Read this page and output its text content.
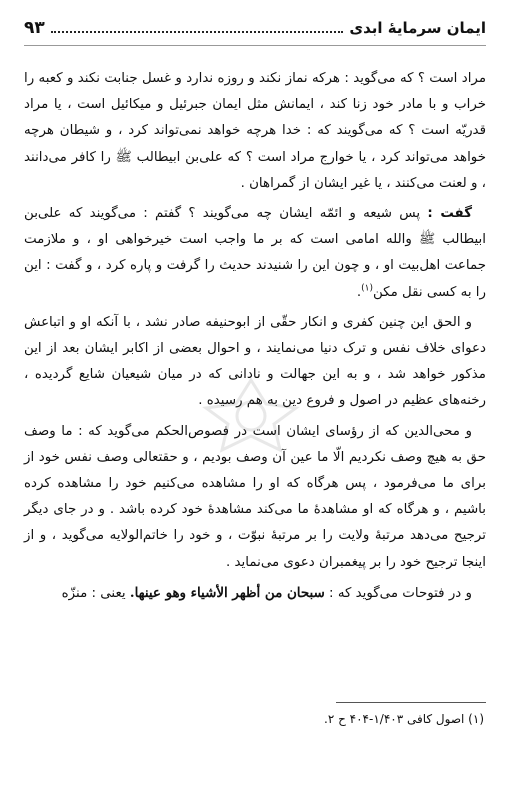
ایمان سرمایهٔ ابدی
۹۳

مراد است ؟ که می‌گوید : هرکه نماز نکند و روزه ندارد و غسل جنابت نکند و کعبه را خراب و با مادر خود زنا کند ، ایمانش مثل ایمان جبرئیل و میکائیل است ، یا مراد قدریّه است ؟ که می‌گویند که : خدا هرچه خواهد نمی‌تواند کرد ، و شیطان هرچه خواهد می‌تواند کرد ، یا خوارج مراد است ؟ که علی‌بن ابیطالب ﷺ را کافر می‌دانند ، و لعنت می‌کنند ، یا غیر ایشان از گمراهان .

گفت : پس شیعه و ائمّه ایشان چه می‌گویند ؟ گفتم : می‌گویند که علی‌بن ابیطالب ﷺ والله امامی است که بر ما واجب است خیرخواهی او ، و ملازمت جماعت اهل‌بیت او ، و چون این را شنیدند حدیث را گرفت و پاره کرد ، و گفت : این را به کسی نقل مکن$^{(۱)}$.

و الحق این چنین کفری و انکار حقّی از ابوحنیفه صادر نشد ، با آنکه او و اتباعش دعوای خلاف نفس و ترک دنیا می‌نمایند ، و احوال بعضی از اکابر ایشان بعد از این مذکور خواهد شد ، و به این جهالت و نادانی که در میان شیعیان شایع گردیده ، رخنه‌های عظیم در اصول و فروع دین به هم رسیده .

و محی‌الدین که از رؤسای ایشان است در فصوص‌الحکم می‌گوید که : ما وصف حق به هیچ وصف نکردیم الّا ما عین آن وصف بودیم ، و حقتعالی وصف نفس خود از برای ما می‌فرمود ، پس هرگاه که او را مشاهده می‌کنیم خود را مشاهده کرده باشیم ، و هرگاه که او مشاهدهٔ ما می‌کند مشاهدهٔ خود کرده باشد . و در جای دیگر ترجیح می‌دهد مرتبهٔ ولایت را بر مرتبهٔ نبوّت ، و خود را خاتم‌الولایه می‌گوید ، و از اینجا ترجیح خود را بر پیغمبران دعوی می‌نماید .

و در فتوحات می‌گوید که : سبحان من أظهر الأشياء وهو عينها. یعنی : منزّه

(۱) اصول کافی ۱/۴۰۳-۴۰۴ ح ۲.
